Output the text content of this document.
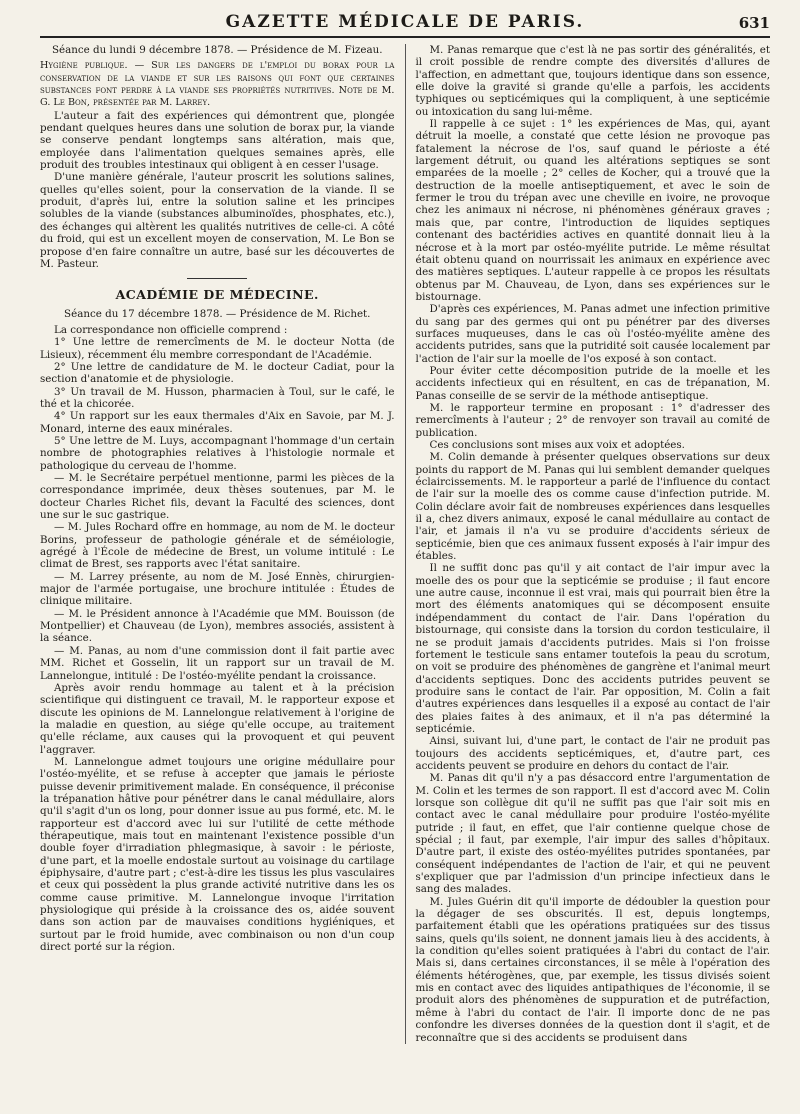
GAZETTE MÉDICALE DE PARIS.	631

Séance du lundi 9 décembre 1878. — Présidence de M. Fizeau.

Hygiène publique. — Sur les dangers de l'emploi du borax pour la conservation de la viande et sur les raisons qui font que certaines substances font perdre à la viande ses propriétés nutritives. Note de M. G. Le Bon, présentée par M. Larrey.

L'auteur a fait des expériences qui démontrent que, plongée pendant quelques heures dans une solution de borax pur, la viande se conserve pendant longtemps sans altération, mais que, employée dans l'alimentation quelques semaines après, elle produit des troubles intestinaux qui obligent à en cesser l'usage.

D'une manière générale, l'auteur proscrit les solutions salines, quelles qu'elles soient, pour la conservation de la viande. Il se produit, d'après lui, entre la solution saline et les principes solubles de la viande (substances albuminoïdes, phosphates, etc.), des échanges qui altèrent les qualités nutritives de celle-ci. A côté du froid, qui est un excellent moyen de conservation, M. Le Bon se propose d'en faire connaître un autre, basé sur les découvertes de M. Pasteur.

ACADÉMIE DE MÉDECINE.

Séance du 17 décembre 1878. — Présidence de M. Richet.

La correspondance non officielle comprend :

1° Une lettre de remercîments de M. le docteur Notta (de Lisieux), récemment élu membre correspondant de l'Académie.

2° Une lettre de candidature de M. le docteur Cadiat, pour la section d'anatomie et de physiologie.

3° Un travail de M. Husson, pharmacien à Toul, sur le café, le thé et la chicorée.

4° Un rapport sur les eaux thermales d'Aix en Savoie, par M. J. Monard, interne des eaux minérales.

5° Une lettre de M. Luys, accompagnant l'hommage d'un certain nombre de photographies relatives à l'histologie normale et pathologique du cerveau de l'homme.

— M. le Secrétaire perpétuel mentionne, parmi les pièces de la correspondance imprimée, deux thèses soutenues, par M. le docteur Charles Richet fils, devant la Faculté des sciences, dont une sur le suc gastrique.

— M. Jules Rochard offre en hommage, au nom de M. le docteur Borins, professeur de pathologie générale et de séméiologie, agrégé à l'École de médecine de Brest, un volume intitulé : Le climat de Brest, ses rapports avec l'état sanitaire.

— M. Larrey présente, au nom de M. José Ennès, chirurgien-major de l'armée portugaise, une brochure intitulée : Études de clinique militaire.

— M. le Président annonce à l'Académie que MM. Bouisson (de Montpellier) et Chauveau (de Lyon), membres associés, assistent à la séance.

— M. Panas, au nom d'une commission dont il fait partie avec MM. Richet et Gosselin, lit un rapport sur un travail de M. Lannelongue, intitulé : De l'ostéo-myélite pendant la croissance.

Après avoir rendu hommage au talent et à la précision scientifique qui distinguent ce travail, M. le rapporteur expose et discute les opinions de M. Lannelongue relativement à l'origine de la maladie en question, au siége qu'elle occupe, au traitement qu'elle réclame, aux causes qui la provoquent et qui peuvent l'aggraver.

M. Lannelongue admet toujours une origine médullaire pour l'ostéo-myélite, et se refuse à accepter que jamais le périoste puisse devenir primitivement malade. En conséquence, il préconise la trépanation hâtive pour pénétrer dans le canal médullaire, alors qu'il s'agit d'un os long, pour donner issue au pus formé, etc. M. le rapporteur est d'accord avec lui sur l'utilité de cette méthode thérapeutique, mais tout en maintenant l'existence possible d'un double foyer d'irradiation phlegmasique, à savoir : le périoste, d'une part, et la moelle endostale surtout au voisinage du cartilage épiphysaire, d'autre part ; c'est-à-dire les tissus les plus vasculaires et ceux qui possèdent la plus grande activité nutritive dans les os comme cause primitive. M. Lannelongue invoque l'irritation physiologique qui préside à la croissance des os, aidée souvent dans son action par de mauvaises conditions hygiéniques, et surtout par le froid humide, avec combinaison ou non d'un coup direct porté sur la région.

M. Panas remarque que c'est là ne pas sortir des généralités, et il croit possible de rendre compte des diversités d'allures de l'affection, en admettant que, toujours identique dans son essence, elle doive la gravité si grande qu'elle a parfois, les accidents typhiques ou septicémiques qui la compliquent, à une septicémie ou intoxication du sang lui-même.

Il rappelle à ce sujet : 1° les expériences de Mas, qui, ayant détruit la moelle, a constaté que cette lésion ne provoque pas fatalement la nécrose de l'os, sauf quand le périoste a été largement détruit, ou quand les altérations septiques se sont emparées de la moelle ; 2° celles de Kocher, qui a trouvé que la destruction de la moelle antiseptiquement, et avec le soin de fermer le trou du trépan avec une cheville en ivoire, ne provoque chez les animaux ni nécrose, ni phénomènes généraux graves ; mais que, par contre, l'introduction de liquides septiques contenant des bactéridies actives en quantité donnait lieu à la nécrose et à la mort par ostéo-myélite putride. Le même résultat était obtenu quand on nourrissait les animaux en expérience avec des matières septiques. L'auteur rappelle à ce propos les résultats obtenus par M. Chauveau, de Lyon, dans ses expériences sur le bistournage.

D'après ces expériences, M. Panas admet une infection primitive du sang par des germes qui ont pu pénétrer par des diverses surfaces muqueuses, dans le cas où l'ostéo-myélite amène des accidents putrides, sans que la putridité soit causée localement par l'action de l'air sur la moelle de l'os exposé à son contact.

Pour éviter cette décomposition putride de la moelle et les accidents infectieux qui en résultent, en cas de trépanation, M. Panas conseille de se servir de la méthode antiseptique.

M. le rapporteur termine en proposant : 1° d'adresser des remercîments à l'auteur ; 2° de renvoyer son travail au comité de publication.

Ces conclusions sont mises aux voix et adoptées.

M. Colin demande à présenter quelques observations sur deux points du rapport de M. Panas qui lui semblent demander quelques éclaircissements. M. le rapporteur a parlé de l'influence du contact de l'air sur la moelle des os comme cause d'infection putride. M. Colin déclare avoir fait de nombreuses expériences dans lesquelles il a, chez divers animaux, exposé le canal médullaire au contact de l'air, et jamais il n'a vu se produire d'accidents sérieux de septicémie, bien que ces animaux fussent exposés à l'air impur des étables.

Il ne suffit donc pas qu'il y ait contact de l'air impur avec la moelle des os pour que la septicémie se produise ; il faut encore une autre cause, inconnue il est vrai, mais qui pourrait bien être la mort des éléments anatomiques qui se décomposent ensuite indépendamment du contact de l'air. Dans l'opération du bistournage, qui consiste dans la torsion du cordon testiculaire, il ne se produit jamais d'accidents putrides. Mais si l'on froisse fortement le testicule sans entamer toutefois la peau du scrotum, on voit se produire des phénomènes de gangrène et l'animal meurt d'accidents septiques. Donc des accidents putrides peuvent se produire sans le contact de l'air. Par opposition, M. Colin a fait d'autres expériences dans lesquelles il a exposé au contact de l'air des plaies faites à des animaux, et il n'a pas déterminé la septicémie.

Ainsi, suivant lui, d'une part, le contact de l'air ne produit pas toujours des accidents septicémiques, et, d'autre part, ces accidents peuvent se produire en dehors du contact de l'air.

M. Panas dit qu'il n'y a pas désaccord entre l'argumentation de M. Colin et les termes de son rapport. Il est d'accord avec M. Colin lorsque son collègue dit qu'il ne suffit pas que l'air soit mis en contact avec le canal médullaire pour produire l'ostéo-myélite putride ; il faut, en effet, que l'air contienne quelque chose de spécial ; il faut, par exemple, l'air impur des salles d'hôpitaux. D'autre part, il existe des ostéo-myélites putrides spontanées, par conséquent indépendantes de l'action de l'air, et qui ne peuvent s'expliquer que par l'admission d'un principe infectieux dans le sang des malades.

M. Jules Guérin dit qu'il importe de dédoubler la question pour la dégager de ses obscurités. Il est, depuis longtemps, parfaitement établi que les opérations pratiquées sur des tissus sains, quels qu'ils soient, ne donnent jamais lieu à des accidents, à la condition qu'elles soient pratiquées à l'abri du contact de l'air. Mais si, dans certaines circonstances, il se mêle à l'opération des éléments hétérogènes, que, par exemple, les tissus divisés soient mis en contact avec des liquides antipathiques de l'économie, il se produit alors des phénomènes de suppuration et de putréfaction, même à l'abri du contact de l'air. Il importe donc de ne pas confondre les diverses données de la question dont il s'agit, et de reconnaître que si des accidents se produisent dans
